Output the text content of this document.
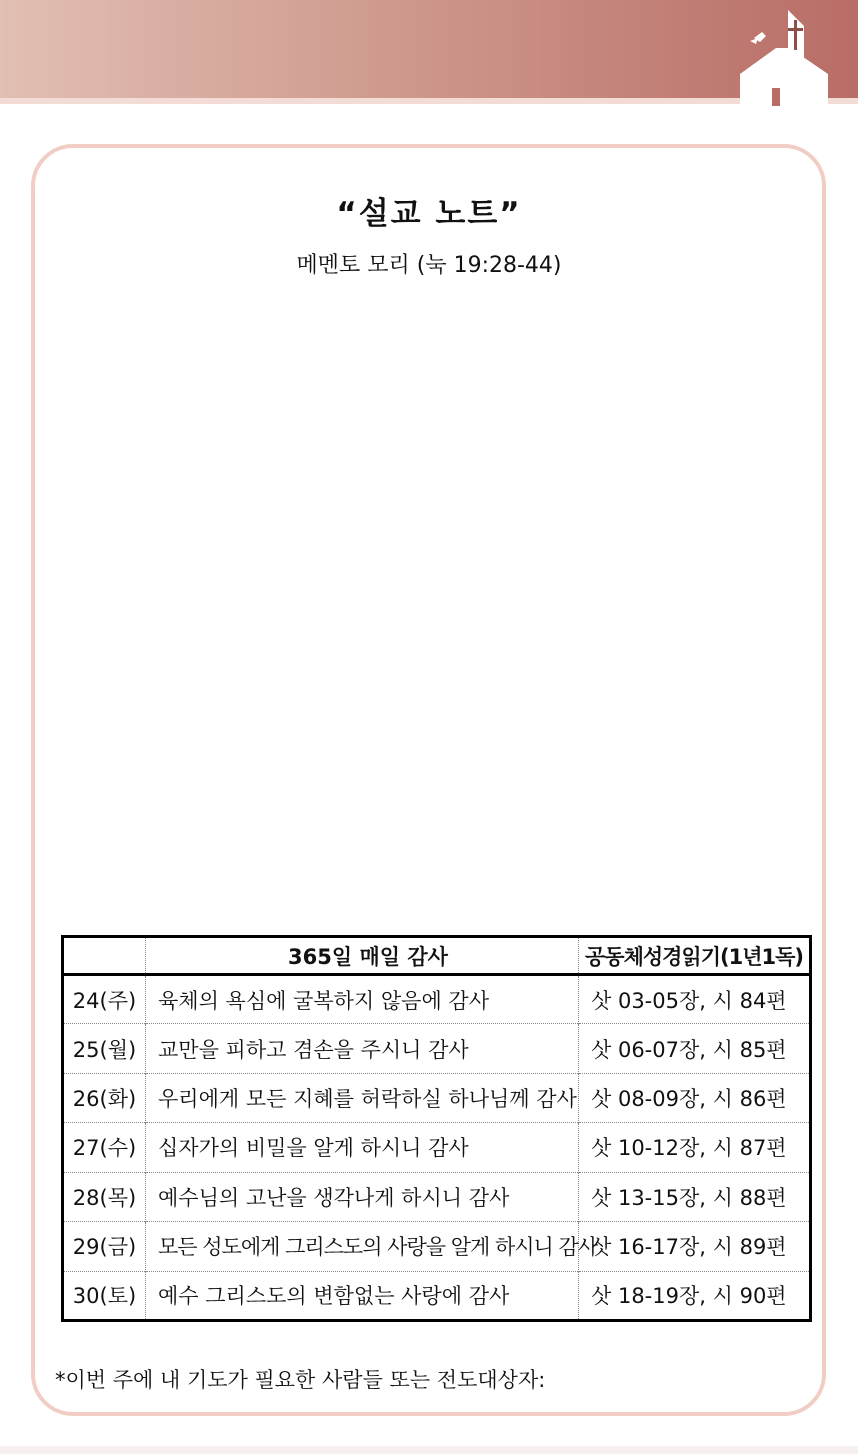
“설교 노트”
메멘토 모리 (눅 19:28-44)
	365일 매일 감사	공동체성경읽기(1년1독)
24(주)	육체의 욕심에 굴복하지 않음에 감사	삿 03-05장, 시 84편
25(월)	교만을 피하고 겸손을 주시니 감사	삿 06-07장, 시 85편
26(화)	우리에게 모든 지혜를 허락하실 하나님께 감사	삿 08-09장, 시 86편
27(수)	십자가의 비밀을 알게 하시니 감사	삿 10-12장, 시 87편
28(목)	예수님의 고난을 생각나게 하시니 감사	삿 13-15장, 시 88편
29(금)	모든 성도에게 그리스도의 사랑을 알게 하시니 감사	삿 16-17장, 시 89편
30(토)	예수 그리스도의 변함없는 사랑에 감사	삿 18-19장, 시 90편
*이번 주에 내 기도가 필요한 사람들 또는 전도대상자:
